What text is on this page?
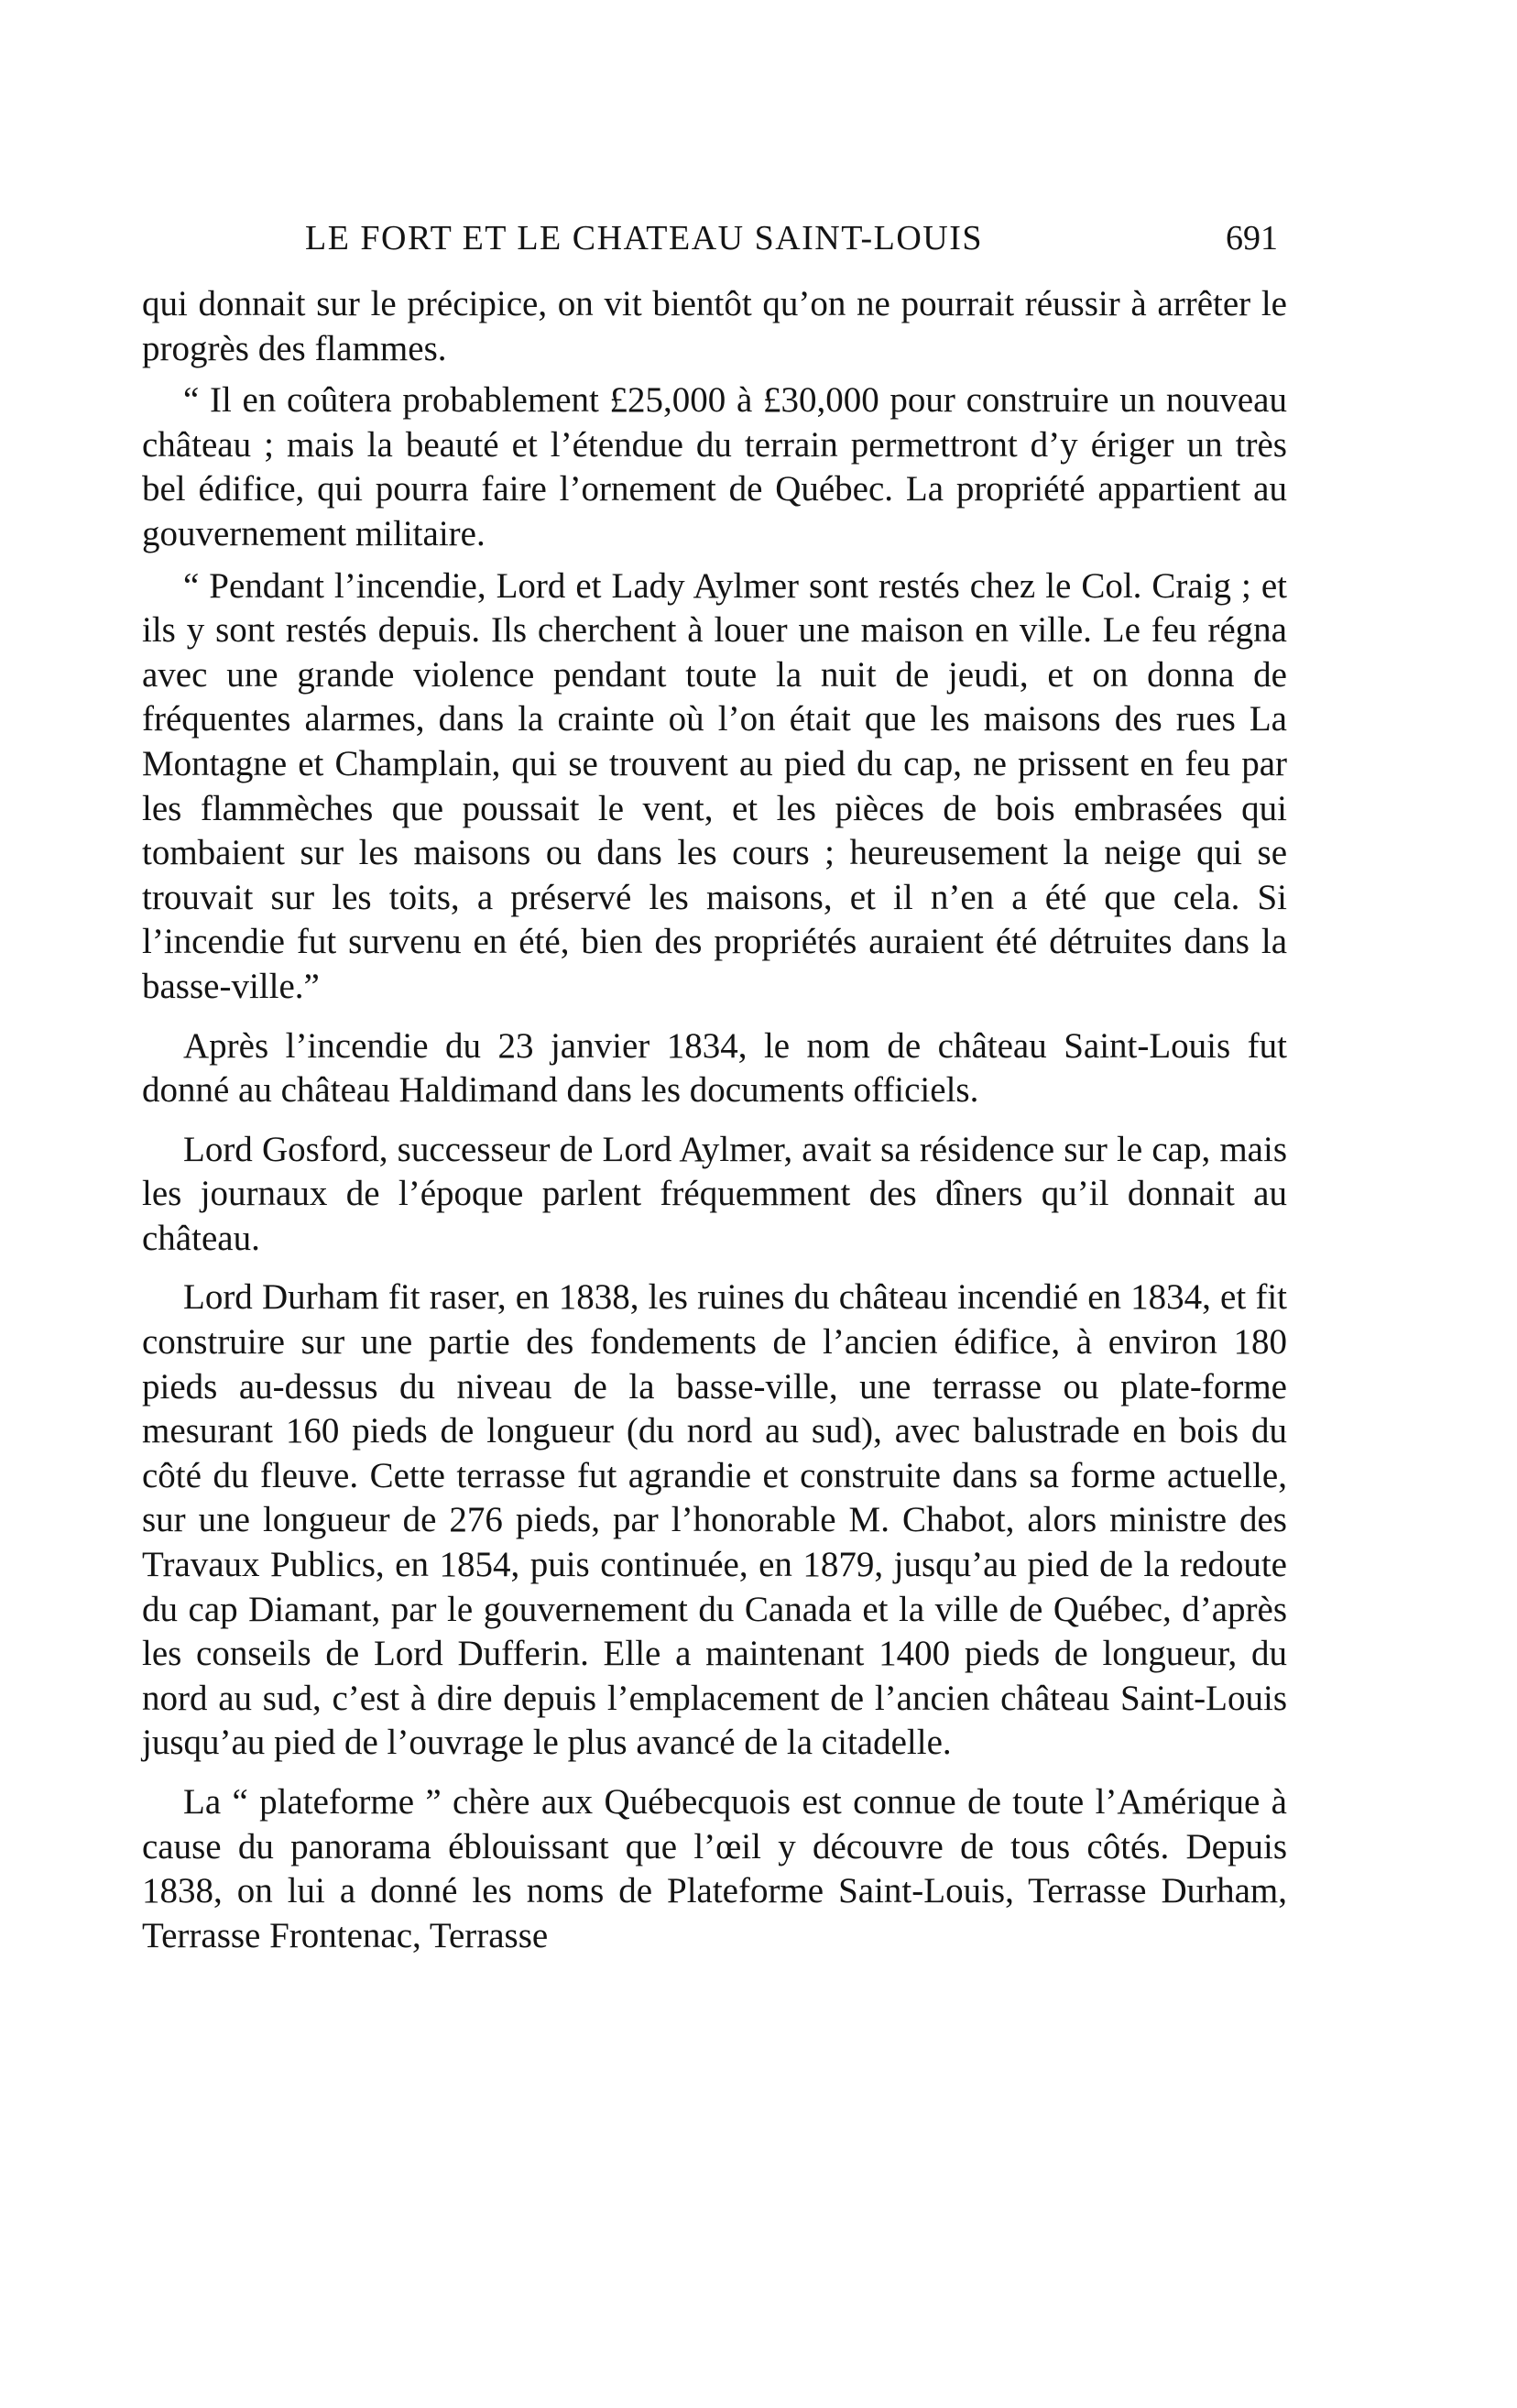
LE FORT ET LE CHATEAU SAINT-LOUIS	691

qui donnait sur le précipice, on vit bientôt qu’on ne pourrait réussir à arrêter le progrès des flammes.

“ Il en coûtera probablement £25,000 à £30,000 pour construire un nouveau château ; mais la beauté et l’étendue du terrain permettront d’y ériger un très bel édifice, qui pourra faire l’ornement de Québec. La propriété appartient au gouvernement militaire.

“ Pendant l’incendie, Lord et Lady Aylmer sont restés chez le Col. Craig ; et ils y sont restés depuis. Ils cherchent à louer une maison en ville. Le feu régna avec une grande violence pendant toute la nuit de jeudi, et on donna de fréquentes alarmes, dans la crainte où l’on était que les maisons des rues La Montagne et Champlain, qui se trouvent au pied du cap, ne prissent en feu par les flammèches que poussait le vent, et les pièces de bois embrasées qui tombaient sur les maisons ou dans les cours ; heureusement la neige qui se trouvait sur les toits, a préservé les maisons, et il n’en a été que cela. Si l’incendie fut survenu en été, bien des propriétés auraient été détruites dans la basse-ville.”

Après l’incendie du 23 janvier 1834, le nom de château Saint-Louis fut donné au château Haldimand dans les documents officiels.

Lord Gosford, successeur de Lord Aylmer, avait sa résidence sur le cap, mais les journaux de l’époque parlent fréquemment des dîners qu’il donnait au château.

Lord Durham fit raser, en 1838, les ruines du château incendié en 1834, et fit construire sur une partie des fondements de l’ancien édifice, à environ 180 pieds au-dessus du niveau de la basse-ville, une terrasse ou plate-forme mesurant 160 pieds de longueur (du nord au sud), avec balustrade en bois du côté du fleuve. Cette terrasse fut agrandie et construite dans sa forme actuelle, sur une longueur de 276 pieds, par l’honorable M. Chabot, alors ministre des Travaux Publics, en 1854, puis continuée, en 1879, jusqu’au pied de la redoute du cap Diamant, par le gouvernement du Canada et la ville de Québec, d’après les conseils de Lord Dufferin. Elle a maintenant 1400 pieds de longueur, du nord au sud, c’est à dire depuis l’emplacement de l’ancien château Saint-Louis jusqu’au pied de l’ouvrage le plus avancé de la citadelle.

La “ plateforme ” chère aux Québecquois est connue de toute l’Amérique à cause du panorama éblouissant que l’œil y découvre de tous côtés. Depuis 1838, on lui a donné les noms de Plateforme Saint-Louis, Terrasse Durham, Terrasse Frontenac, Terrasse
